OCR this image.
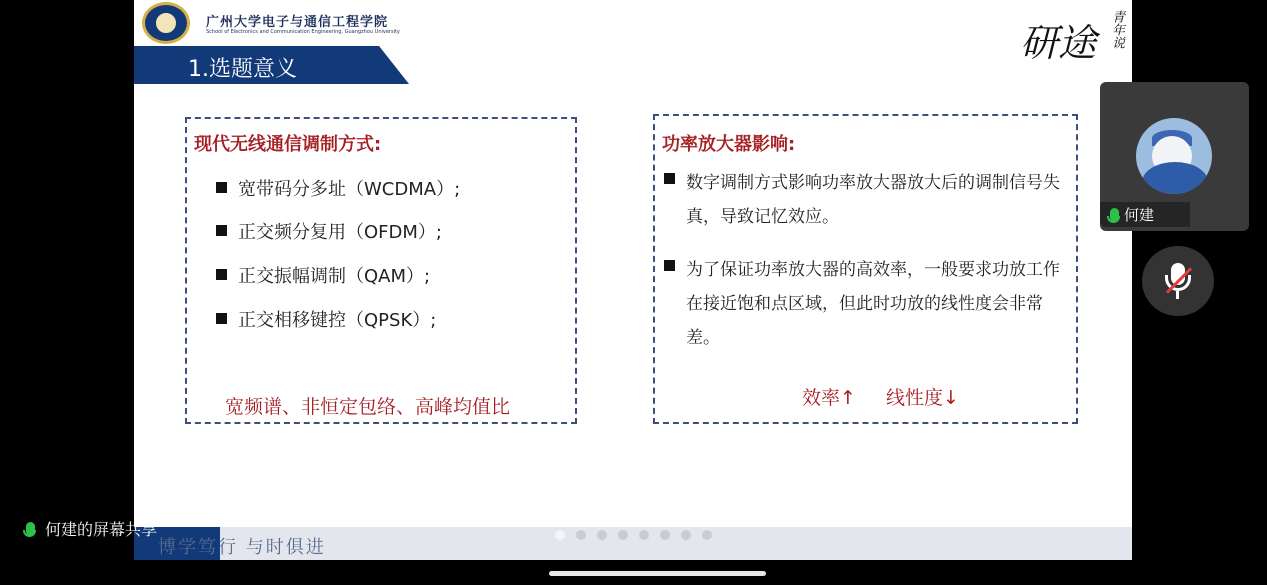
广州大学电子与通信工程学院
School of Electronics and Communication Engineering, Guangzhou University
1.选题意义
研途 青年说
现代无线通信调制方式:
宽带码分多址（WCDMA）;
正交频分复用（OFDM）;
正交振幅调制（QAM）;
正交相移键控（QPSK）;
宽频谱、非恒定包络、高峰均值比
功率放大器影响:
数字调制方式影响功率放大器放大后的调制信号失真，导致记忆效应。
为了保证功率放大器的高效率，一般要求功放工作在接近饱和点区域，但此时功放的线性度会非常差。
效率↑ 线性度↓
博学笃行 与时俱进
何建
何建的屏幕共享
